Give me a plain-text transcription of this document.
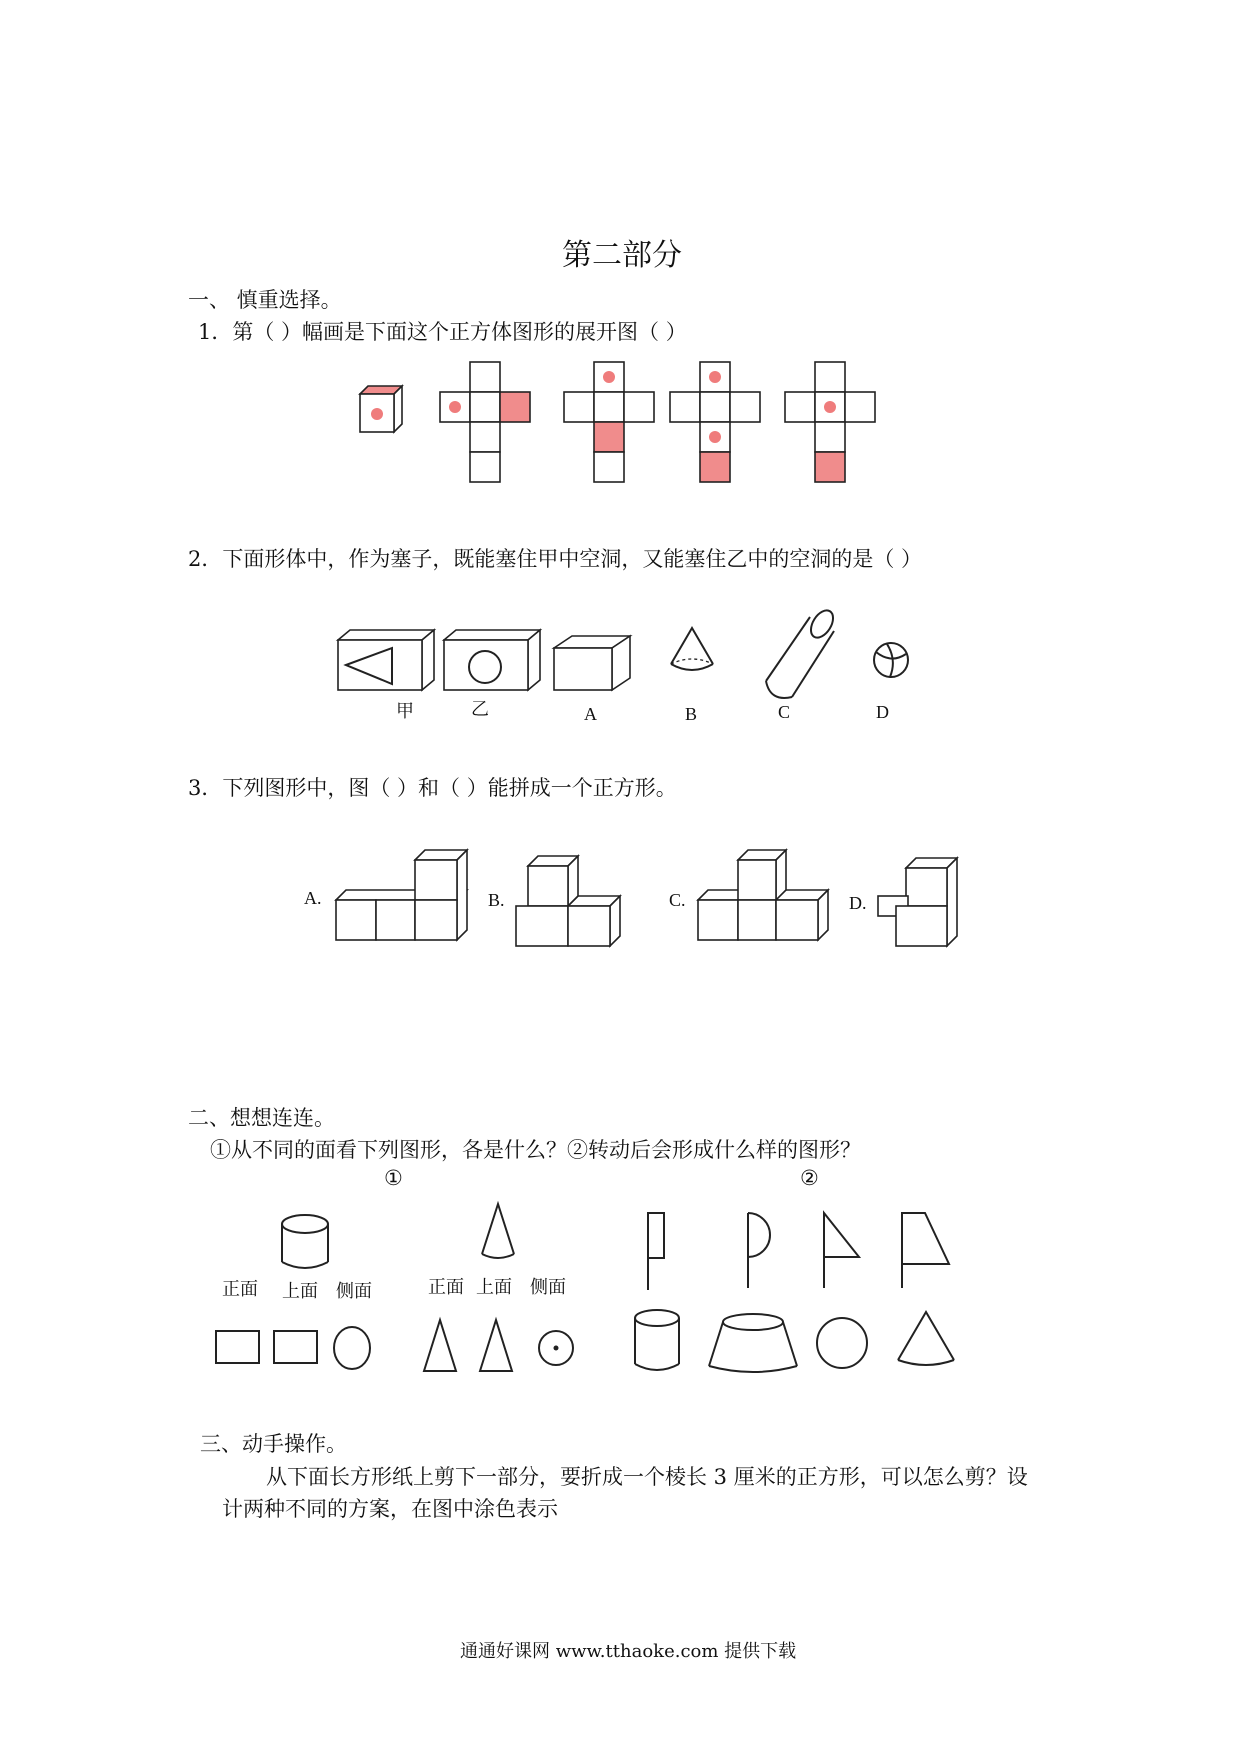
第二部分
一、 慎重选择。
1．第（ ）幅画是下面这个正方体图形的展开图（ ）
2．下面形体中，作为塞子，既能塞住甲中空洞，又能塞住乙中的空洞的是（ ）
甲	乙	A	B	C	D
3．下列图形中，图（ ）和（ ）能拼成一个正方形。
A.	B.	C.	D.
二、想想连连。
①从不同的面看下列图形，各是什么？②转动后会形成什么样的图形？
①	②
正面 上面 侧面	正面 上面 侧面
三、动手操作。
从下面长方形纸上剪下一部分，要折成一个棱长 3 厘米的正方形，可以怎么剪？设
计两种不同的方案，在图中涂色表示
通通好课网 www.tthaoke.com 提供下载
